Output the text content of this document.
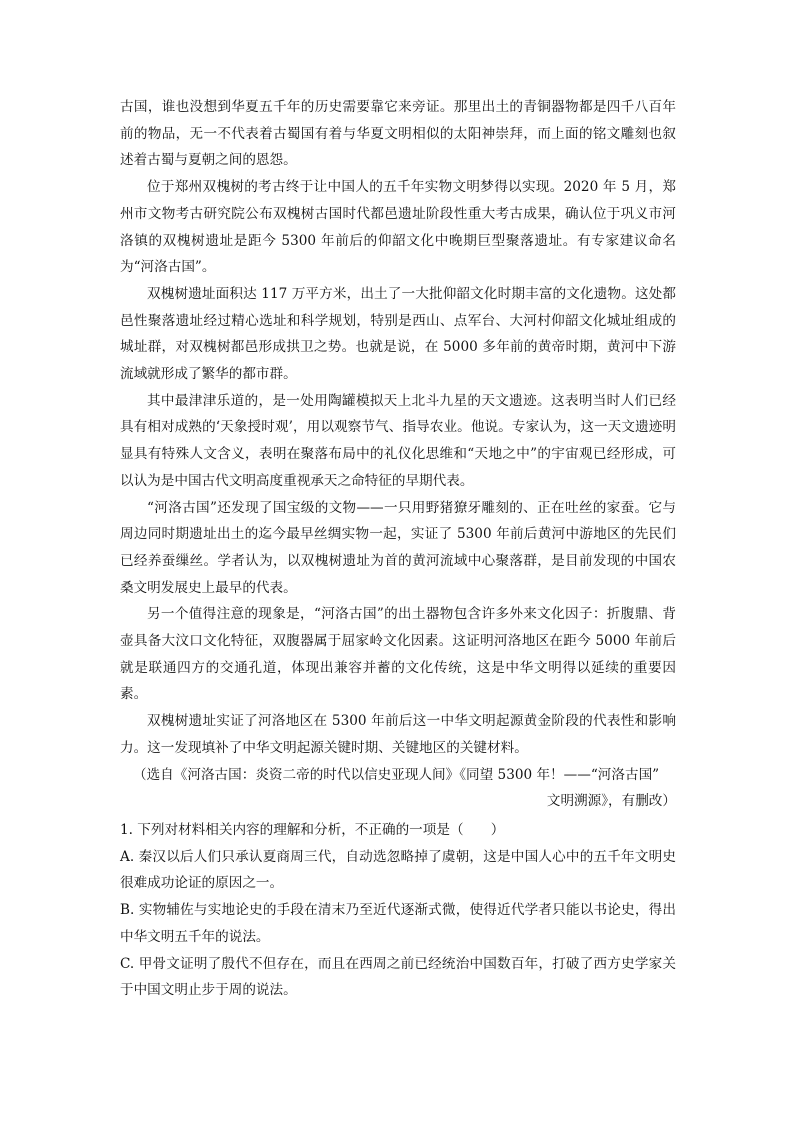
古国，谁也没想到华夏五千年的历史需要靠它来旁证。那里出土的青铜器物都是四千八百年前的物品，无一不代表着古蜀国有着与华夏文明相似的太阳神崇拜，而上面的铭文雕刻也叙述着古蜀与夏朝之间的恩怨。

位于郑州双槐树的考古终于让中国人的五千年实物文明梦得以实现。2020 年 5 月，郑州市文物考古研究院公布双槐树古国时代都邑遗址阶段性重大考古成果，确认位于巩义市河洛镇的双槐树遗址是距今 5300 年前后的仰韶文化中晚期巨型聚落遗址。有专家建议命名为“河洛古国”。

双槐树遗址面积达 117 万平方米，出土了一大批仰韶文化时期丰富的文化遗物。这处都邑性聚落遗址经过精心选址和科学规划，特别是西山、点军台、大河村仰韶文化城址组成的城址群，对双槐树都邑形成拱卫之势。也就是说，在 5000 多年前的黄帝时期，黄河中下游流域就形成了繁华的都市群。

其中最津津乐道的，是一处用陶罐模拟天上北斗九星的天文遗迹。这表明当时人们已经具有相对成熟的‘天象授时观’，用以观察节气、指导农业。他说。专家认为，这一天文遗迹明显具有特殊人文含义，表明在聚落布局中的礼仪化思维和“天地之中”的宇宙观已经形成，可以认为是中国古代文明高度重视承天之命特征的早期代表。

“河洛古国”还发现了国宝级的文物——一只用野猪獠牙雕刻的、正在吐丝的家蚕。它与周边同时期遗址出土的迄今最早丝绸实物一起，实证了 5300 年前后黄河中游地区的先民们已经养蚕缫丝。学者认为，以双槐树遗址为首的黄河流域中心聚落群，是目前发现的中国农桑文明发展史上最早的代表。

另一个值得注意的现象是，“河洛古国”的出土器物包含许多外来文化因子：折腹鼎、背壶具备大汶口文化特征，双腹器属于屈家岭文化因素。这证明河洛地区在距今 5000 年前后就是联通四方的交通孔道，体现出兼容并蓄的文化传统，这是中华文明得以延续的重要因素。

双槐树遗址实证了河洛地区在 5300 年前后这一中华文明起源黄金阶段的代表性和影响力。这一发现填补了中华文明起源关键时期、关键地区的关键材料。

（选自《河洛古国：炎资二帝的时代以信史亚现人间》《同望 5300 年！——“河洛古国”

文明溯源》，有删改）

1. 下列对材料相关内容的理解和分析，不正确的一项是（　　）

A. 秦汉以后人们只承认夏商周三代，自动选忽略掉了虞朝，这是中国人心中的五千年文明史很难成功论证的原因之一。

B. 实物辅佐与实地论史的手段在清末乃至近代逐渐式微，使得近代学者只能以书论史，得出中华文明五千年的说法。

C. 甲骨文证明了殷代不但存在，而且在西周之前已经统治中国数百年，打破了西方史学家关于中国文明止步于周的说法。
